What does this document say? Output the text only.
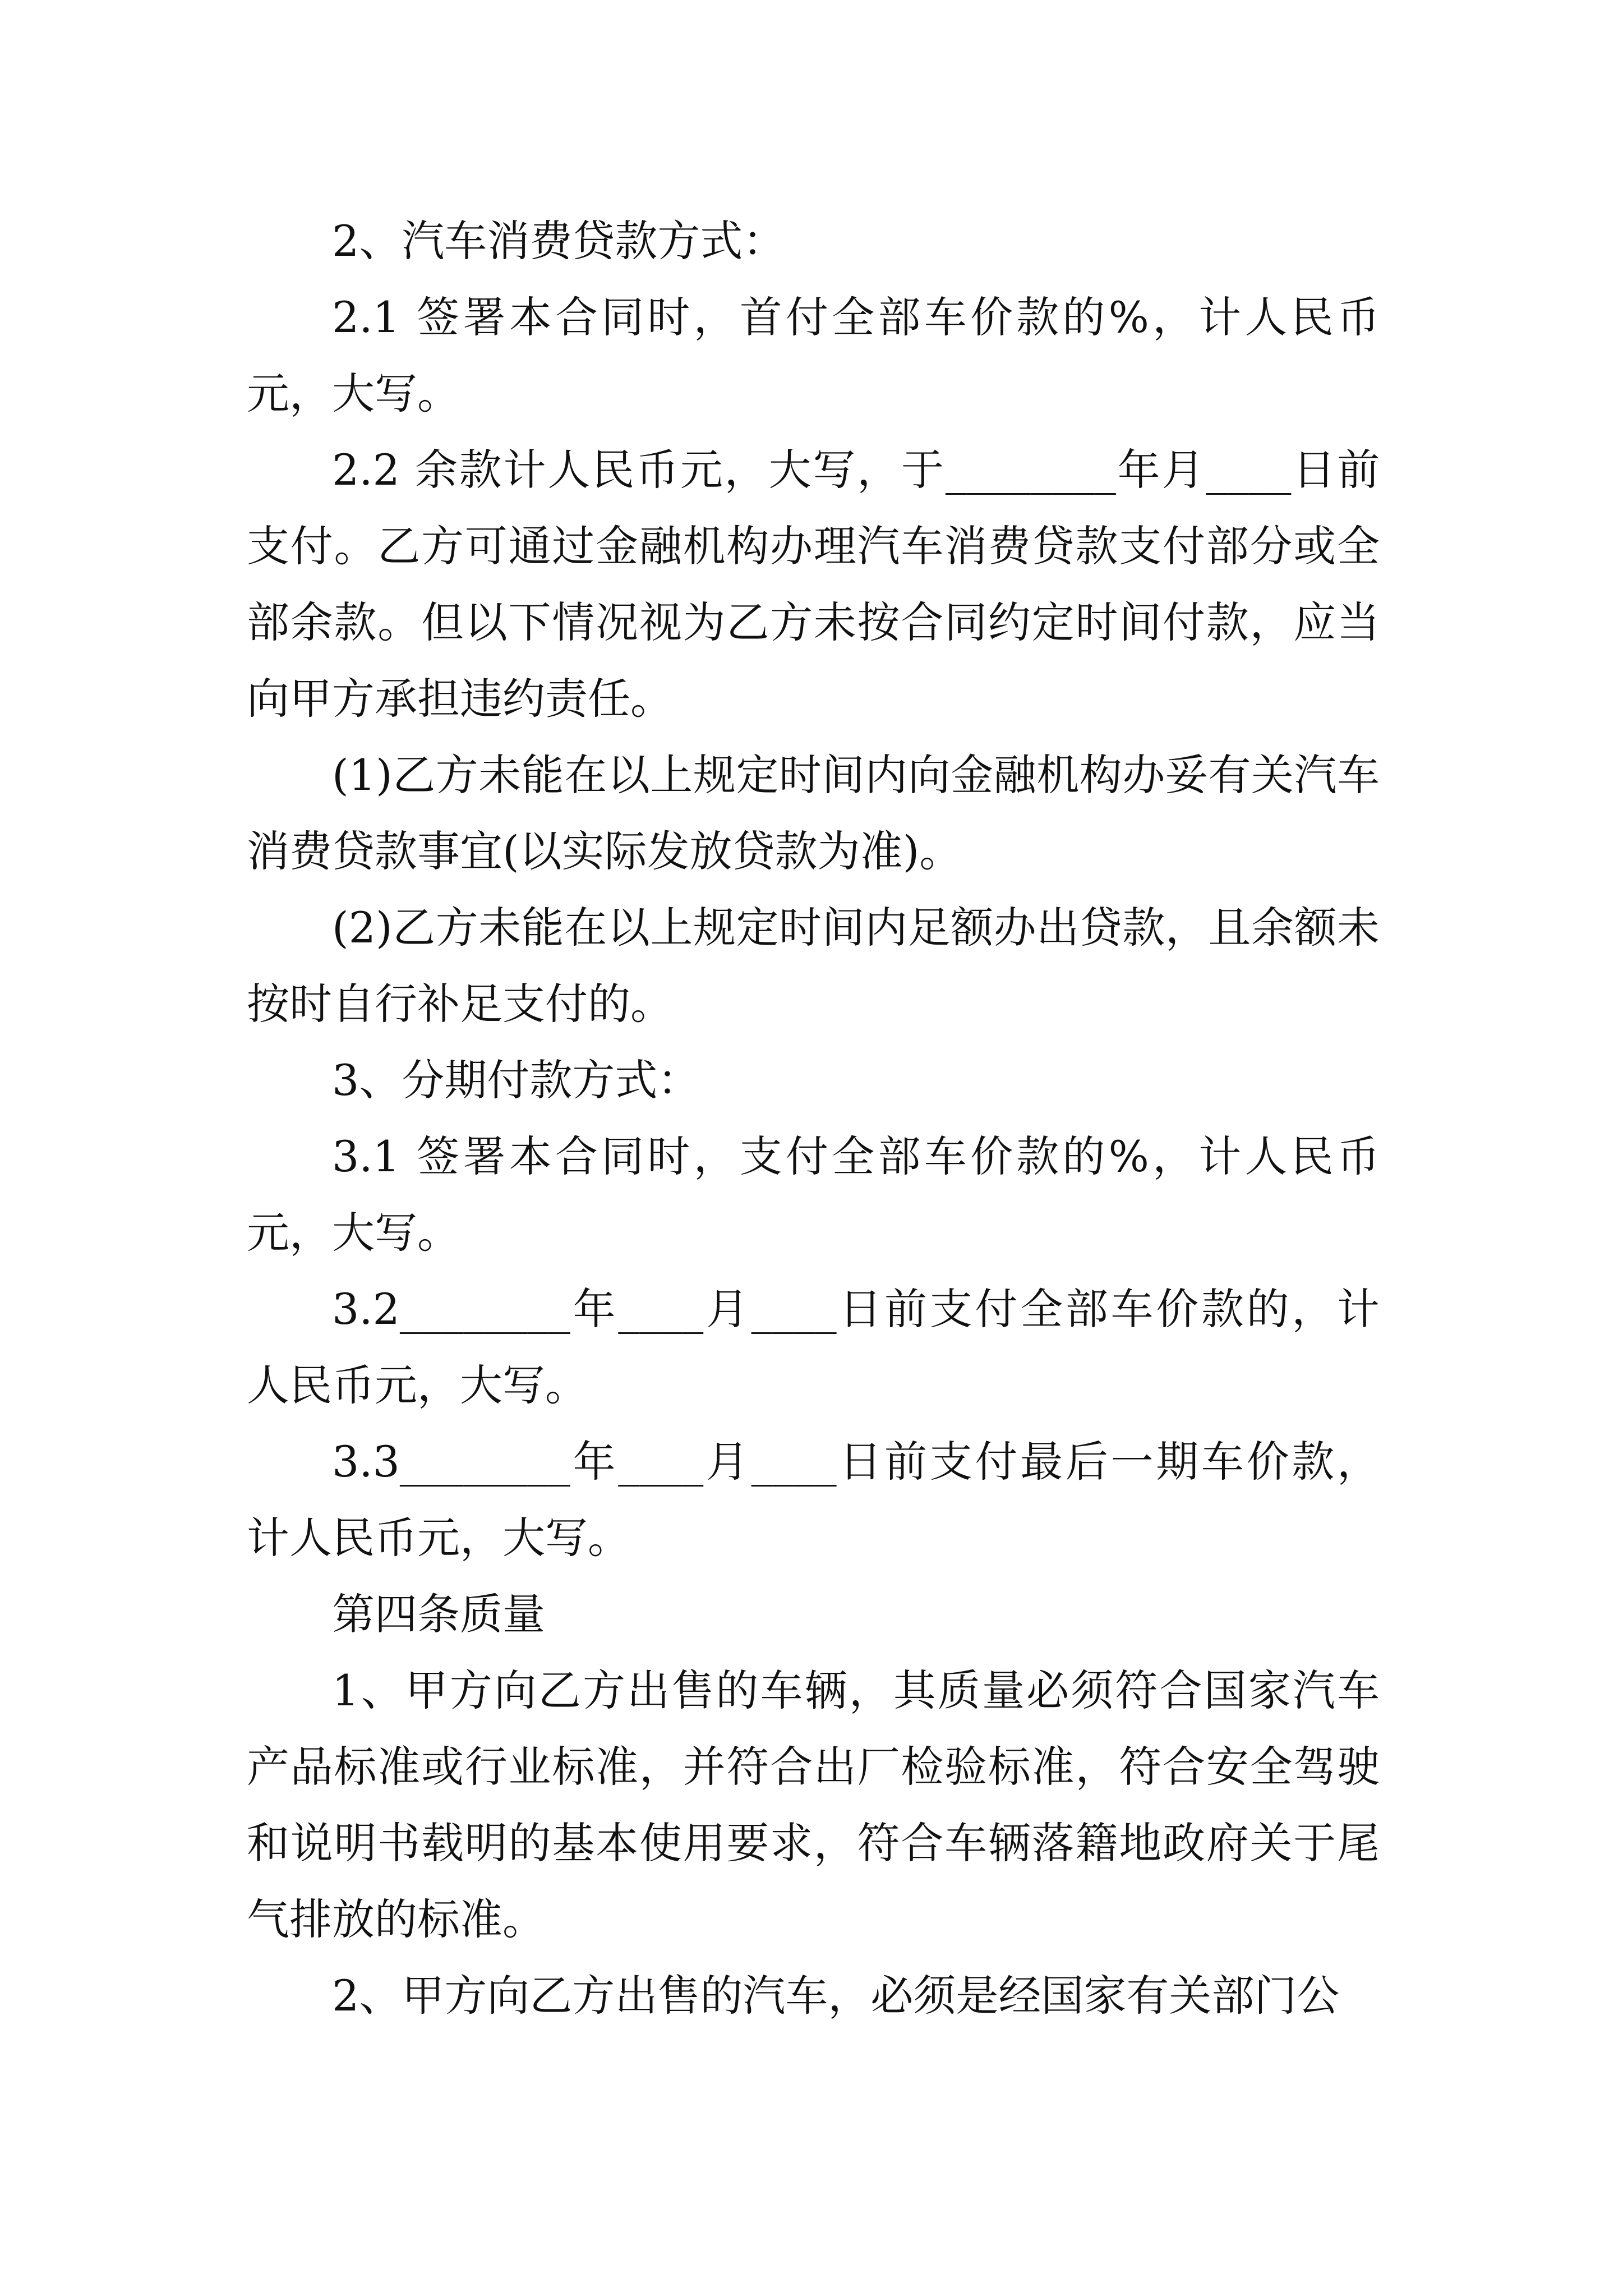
2、汽车消费贷款方式：

2.1 签署本合同时，首付全部车价款的%，计人民币元，大写。

2.2 余款计人民币元，大写，于________年月____日前支付。乙方可通过金融机构办理汽车消费贷款支付部分或全部余款。但以下情况视为乙方未按合同约定时间付款，应当向甲方承担违约责任。

(1)乙方未能在以上规定时间内向金融机构办妥有关汽车消费贷款事宜(以实际发放贷款为准)。

(2)乙方未能在以上规定时间内足额办出贷款，且余额未按时自行补足支付的。

3、分期付款方式：

3.1 签署本合同时，支付全部车价款的%，计人民币元，大写。

3.2________年____月____日前支付全部车价款的，计人民币元，大写。

3.3________年____月____日前支付最后一期车价款，计人民币元，大写。

第四条质量

1、甲方向乙方出售的车辆，其质量必须符合国家汽车产品标准或行业标准，并符合出厂检验标准，符合安全驾驶和说明书载明的基本使用要求，符合车辆落籍地政府关于尾气排放的标准。

2、甲方向乙方出售的汽车，必须是经国家有关部门公
